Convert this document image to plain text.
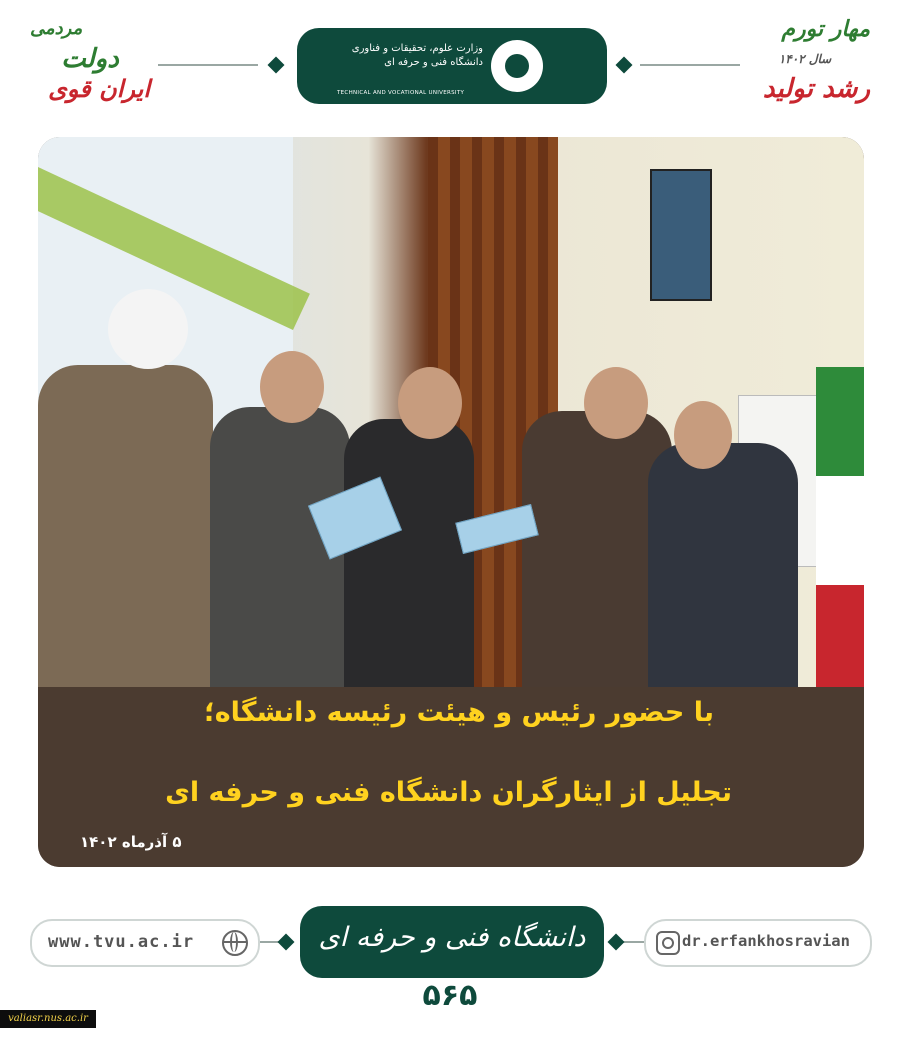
وزارت علوم، تحقیقات و فناوری
دانشگاه فنی و حرفه ای
TECHNICAL AND VOCATIONAL UNIVERSITY
مردمی
دولت
ایران قوی
مهار تورم
سال ۱۴۰۲
رشد تولید
با حضور رئیس و هیئت رئیسه دانشگاه؛
تجلیل از ایثارگران دانشگاه فنی و حرفه ای
۵ آذرماه ۱۴۰۲
www.tvu.ac.ir	dr.erfankhosravian
دانشگاه فنی و حرفه ای
۵۶۵
valiasr.nus.ac.ir
